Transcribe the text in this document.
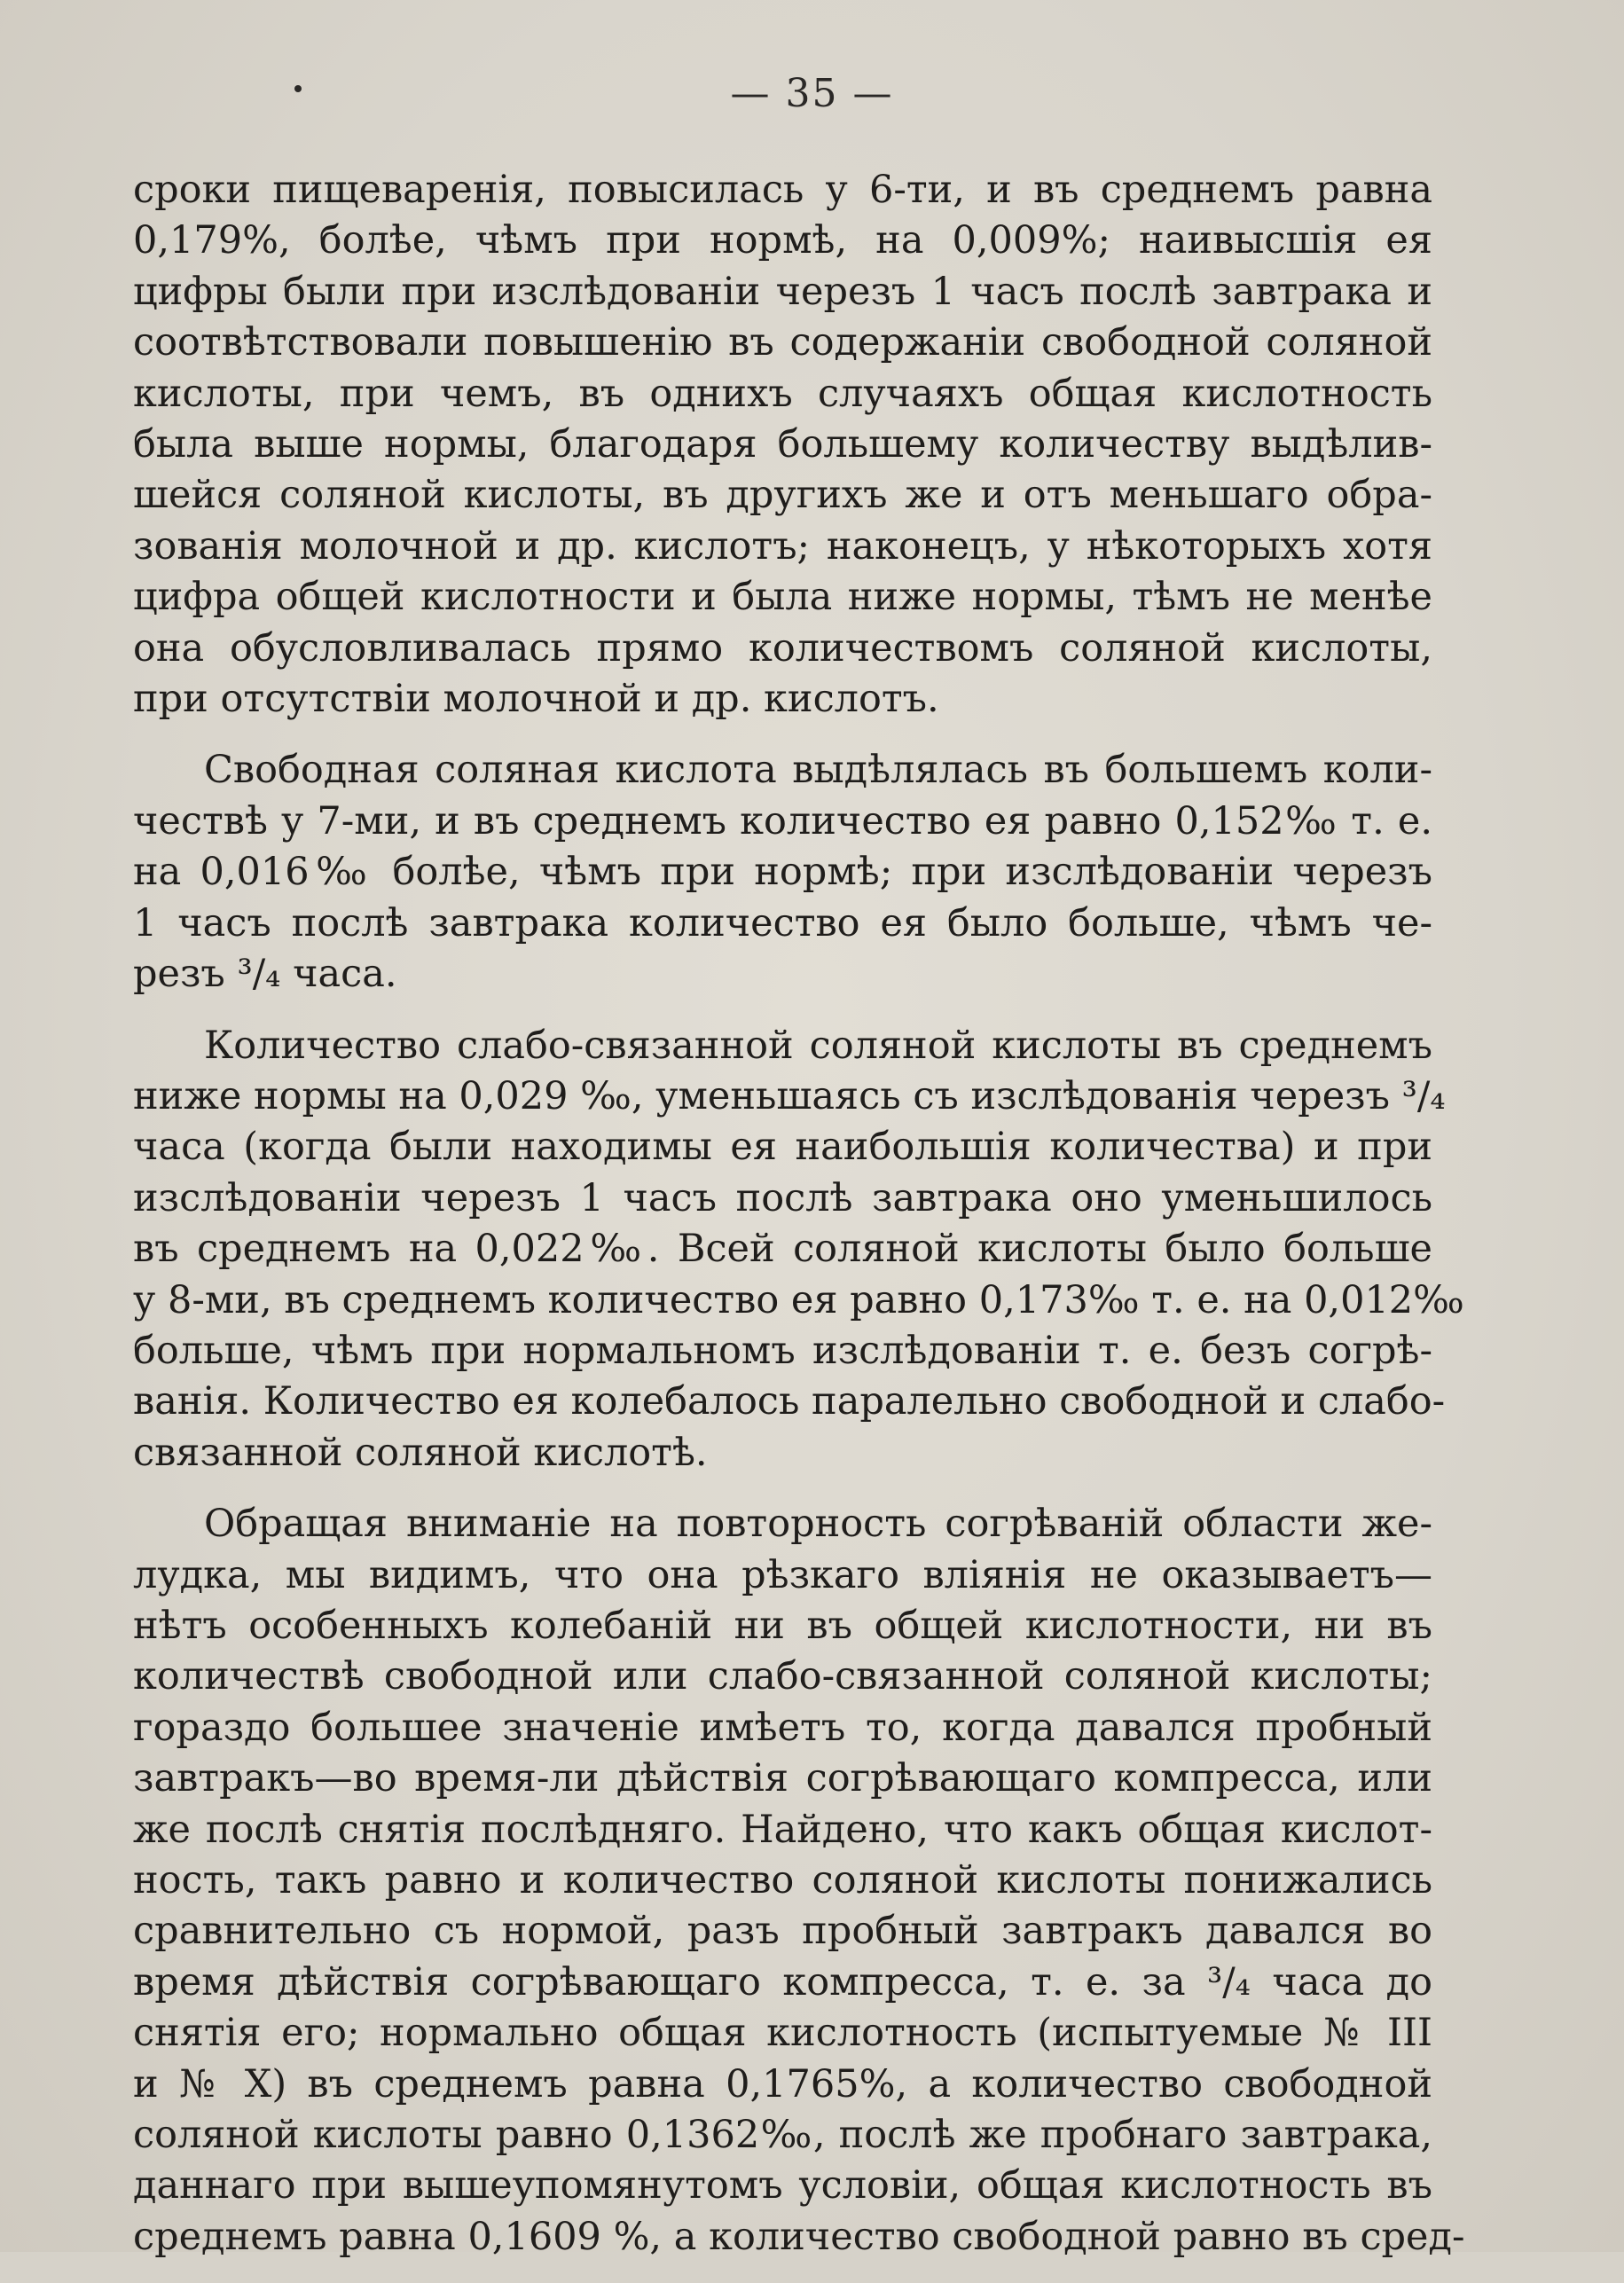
— 35 —
сроки пищеваренія, повысилась у 6-ти, и въ среднемъ равна
0,179%, болѣе, чѣмъ при нормѣ, на 0,009%; наивысшія ея
цифры были при изслѣдованіи черезъ 1 часъ послѣ завтрака и
соотвѣтствовали повышенію въ содержаніи свободной соляной
кислоты, при чемъ, въ однихъ случаяхъ общая кислотность
была выше нормы, благодаря большему количеству выдѣлив-
шейся соляной кислоты, въ другихъ же и отъ меньшаго обра-
зованія молочной и др. кислотъ; наконецъ, у нѣкоторыхъ хотя
цифра общей кислотности и была ниже нормы, тѣмъ не менѣе
она обусловливалась прямо количествомъ соляной кислоты,
при отсутствіи молочной и др. кислотъ.
Свободная соляная кислота выдѣлялась въ большемъ коли-
чествѣ у 7-ми, и въ среднемъ количество ея равно 0,152‰ т. е.
на 0,016‰ болѣе, чѣмъ при нормѣ; при изслѣдованіи черезъ
1 часъ послѣ завтрака количество ея было больше, чѣмъ че-
резъ ³/₄ часа.
Количество слабо-связанной соляной кислоты въ среднемъ
ниже нормы на 0,029 ‰, уменьшаясь съ изслѣдованія черезъ ³/₄
часа (когда были находимы ея наибольшія количества) и при
изслѣдованіи черезъ 1 часъ послѣ завтрака оно уменьшилось
въ среднемъ на 0,022‰. Всей соляной кислоты было больше
у 8-ми, въ среднемъ количество ея равно 0,173‰ т. е. на 0,012‰
больше, чѣмъ при нормальномъ изслѣдованіи т. е. безъ согрѣ-
ванія. Количество ея колебалось паралельно свободной и слабо-
связанной соляной кислотѣ.
Обращая вниманіе на повторность согрѣваній области же-
лудка, мы видимъ, что она рѣзкаго вліянія не оказываетъ—
нѣтъ особенныхъ колебаній ни въ общей кислотности, ни въ
количествѣ свободной или слабо-связанной соляной кислоты;
гораздо большее значеніе имѣетъ то, когда давался пробный
завтракъ—во время-ли дѣйствія согрѣвающаго компресса, или
же послѣ снятія послѣдняго. Найдено, что какъ общая кислот-
ность, такъ равно и количество соляной кислоты понижались
сравнительно съ нормой, разъ пробный завтракъ давался во
время дѣйствія согрѣвающаго компресса, т. е. за ³/₄ часа до
снятія его; нормально общая кислотность (испытуемые № III
и № X) въ среднемъ равна 0,1765%, а количество свободной
соляной кислоты равно 0,1362‰, послѣ же пробнаго завтрака,
даннаго при вышеупомянутомъ условіи, общая кислотность въ
среднемъ равна 0,1609 %, а количество свободной равно въ сред-
